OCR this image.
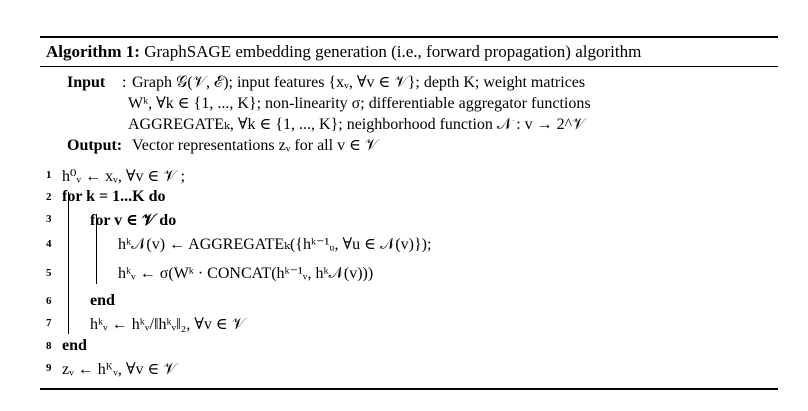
Algorithm 1: GraphSAGE embedding generation (i.e., forward propagation) algorithm
Input : Graph 𝒢(𝒱, ℰ); input features {xᵥ, ∀v ∈ 𝒱}; depth K; weight matrices
Wᵏ, ∀k ∈ {1, ..., K}; non-linearity σ; differentiable aggregator functions
AGGREGATEₖ, ∀k ∈ {1, ..., K}; neighborhood function 𝒩 : v → 2^𝒱
Output: Vector representations zᵥ for all v ∈ 𝒱
1 h⁰ᵥ ← xᵥ, ∀v ∈ 𝒱 ;
2 for k = 1...K do
3 for v ∈ 𝒱 do
4	hᵏ𝒩(v) ← AGGREGATEₖ({hᵏ⁻¹ᵤ, ∀u ∈ 𝒩(v)});
5	hᵏᵥ ← σ(Wᵏ · CONCAT(hᵏ⁻¹ᵥ, hᵏ𝒩(v)))
6 end
7 hᵏᵥ ← hᵏᵥ/‖hᵏᵥ‖₂, ∀v ∈ 𝒱
8 end
9 zᵥ ← hᴷᵥ, ∀v ∈ 𝒱
